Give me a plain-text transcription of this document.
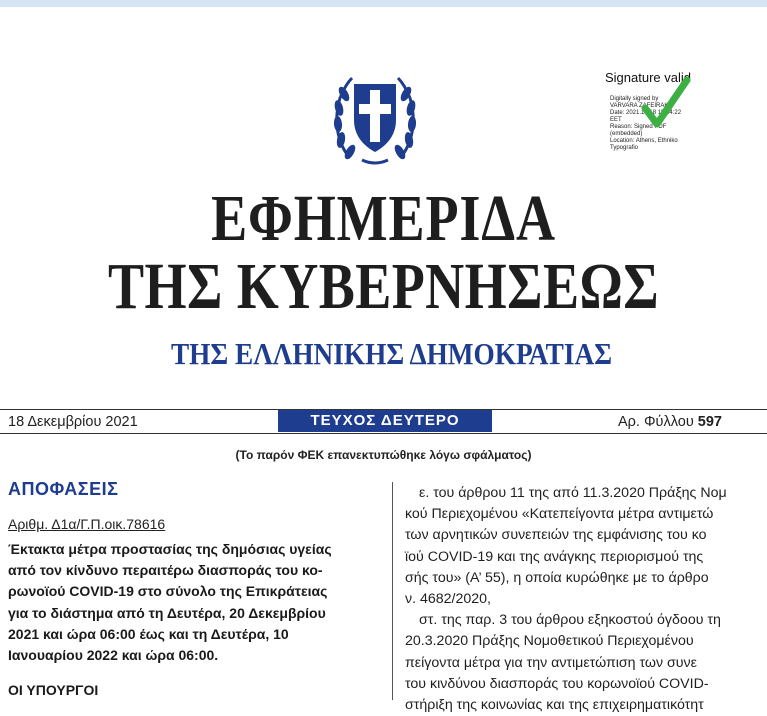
Signature valid
Digitally signed by
VARVARA ZAFEIRAKI
Date: 2021.12.18 15:54:22
EET
Reason: Signed PDF
(embedded)
Location: Athens, Ethniko
Typografio
ΕΦΗΜΕΡΙΔΑ
ΤΗΣ ΚΥΒΕΡΝΗΣΕΩΣ
ΤΗΣ ΕΛΛΗΝΙΚΗΣ ΔΗΜΟΚΡΑΤΙΑΣ
18 Δεκεμβρίου 2021	ΤΕΥΧΟΣ ΔΕΥΤΕΡΟ	Αρ. Φύλλου 597
(Το παρόν ΦΕΚ επανεκτυπώθηκε λόγω σφάλματος)
ΑΠΟΦΑΣΕΙΣ
Αριθμ. Δ1α/Γ.Π.οικ.78616
Έκτακτα μέτρα προστασίας της δημόσιας υγείας
από τον κίνδυνο περαιτέρω διασποράς του κο-
ρωνοϊού COVID-19 στο σύνολο της Επικράτειας
για το διάστημα από τη Δευτέρα, 20 Δεκεμβρίου
2021 και ώρα 06:00 έως και τη Δευτέρα, 10
Ιανουαρίου 2022 και ώρα 06:00.
ΟΙ ΥΠΟΥΡΓΟΙ
ε. του άρθρου 11 της από 11.3.2020 Πράξης Νομ
κού Περιεχομένου «Κατεπείγοντα μέτρα αντιμετώ
των αρνητικών συνεπειών της εμφάνισης του κο
ϊού COVID-19 και της ανάγκης περιορισμού της
σής του» (Α’ 55), η οποία κυρώθηκε με το άρθρο
ν. 4682/2020,
στ. της παρ. 3 του άρθρου εξηκοστού όγδοου τη
20.3.2020 Πράξης Νομοθετικού Περιεχομένου
πείγοντα μέτρα για την αντιμετώπιση των συνε
του κινδύνου διασποράς του κορωνοϊού COVID-
στήριξη της κοινωνίας και της επιχειρηματικότητ
